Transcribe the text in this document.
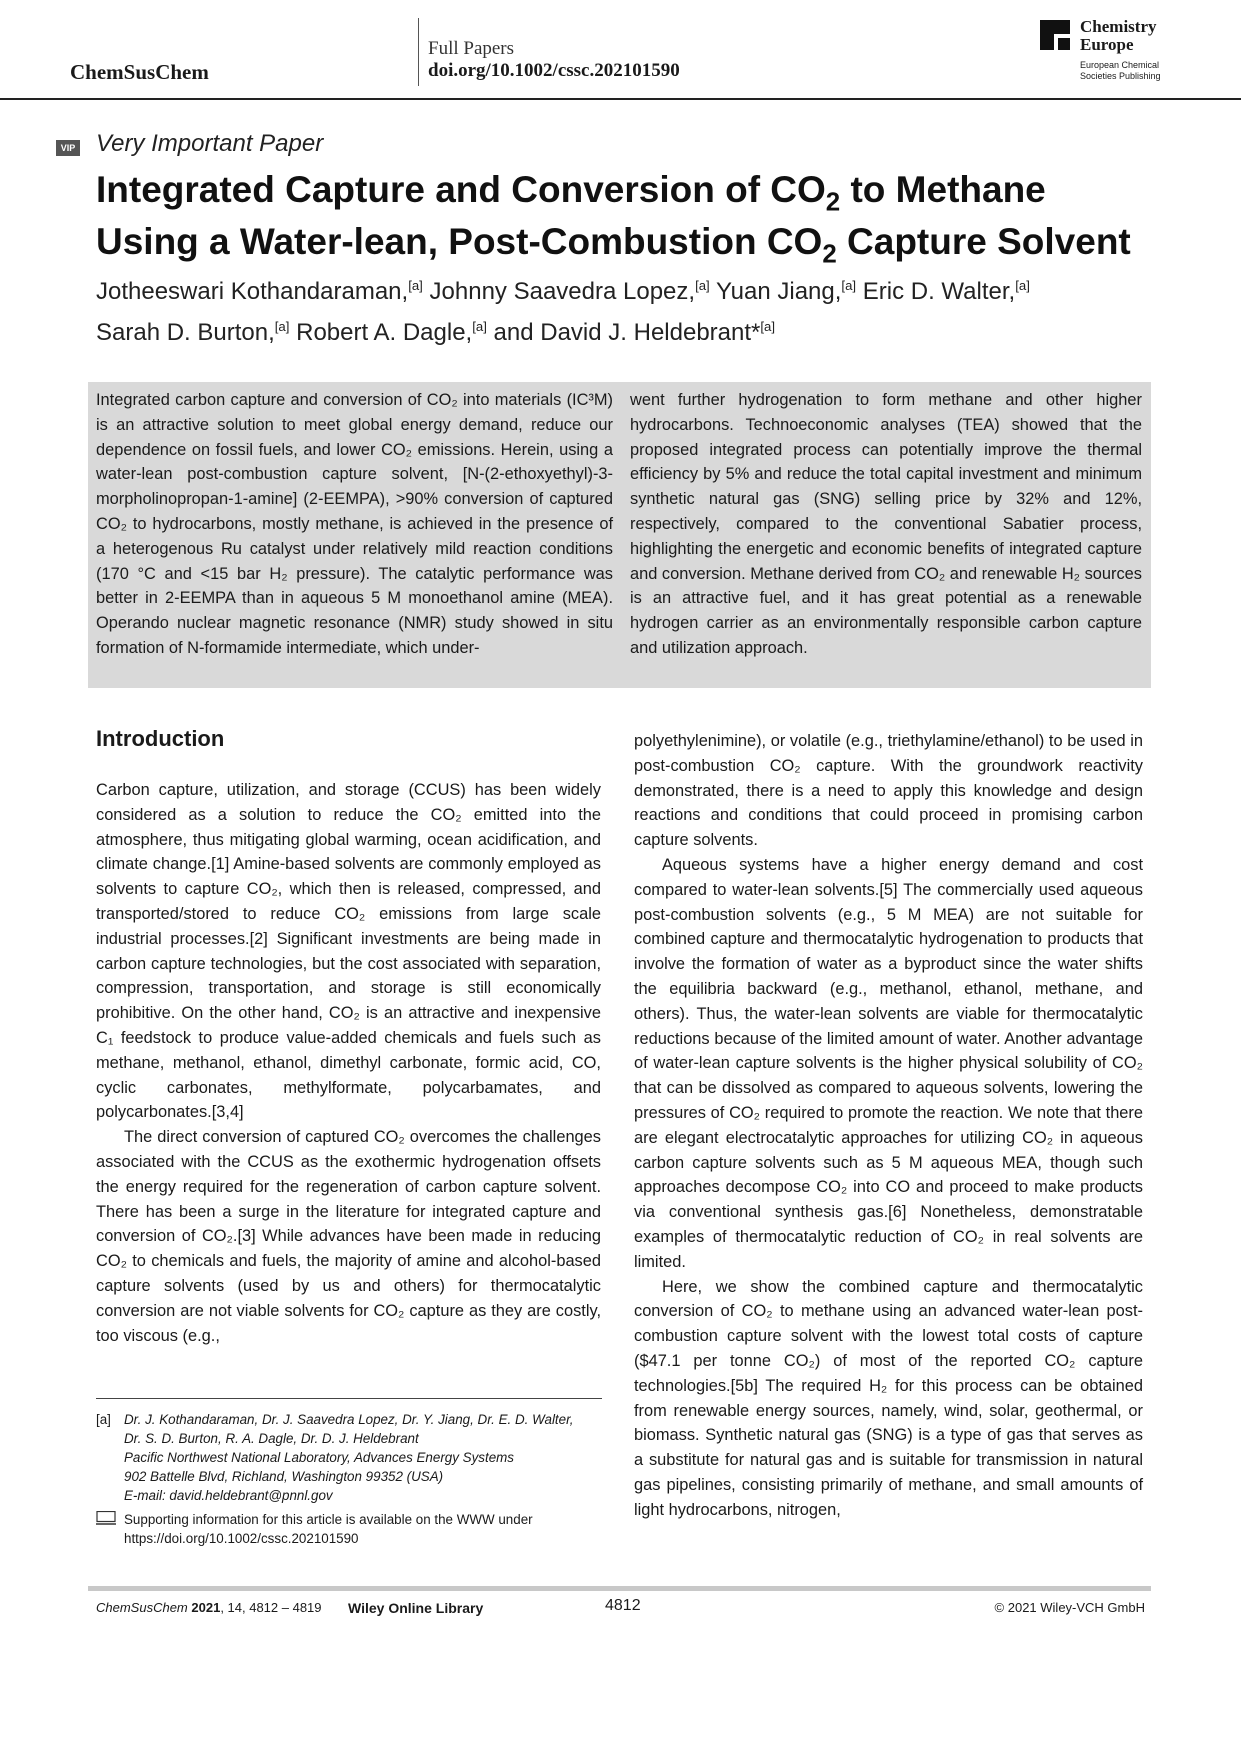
ChemSusChem
Full Papers
doi.org/10.1002/cssc.202101590
Chemistry
Europe
European Chemical
Societies Publishing
VIP Very Important Paper
Integrated Capture and Conversion of $CO_2$ to Methane
Using a Water-lean, Post-Combustion $CO_2$ Capture Solvent
Jotheeswari Kothandaraman,[a] Johnny Saavedra Lopez,[a] Yuan Jiang,[a] Eric D. Walter,[a]
Sarah D. Burton,[a] Robert A. Dagle,[a] and David J. Heldebrant*[a]
Integrated carbon capture and conversion of CO₂ into materials (IC³M) is an attractive solution to meet global energy demand, reduce our dependence on fossil fuels, and lower CO₂ emissions. Herein, using a water-lean post-combustion capture solvent, [N-(2-ethoxyethyl)-3-morpholinopropan-1-amine] (2-EEMPA), >90% conversion of captured CO₂ to hydrocarbons, mostly methane, is achieved in the presence of a heterogenous Ru catalyst under relatively mild reaction conditions (170 °C and <15 bar H₂ pressure). The catalytic performance was better in 2-EEMPA than in aqueous 5 M monoethanol amine (MEA). Operando nuclear magnetic resonance (NMR) study showed in situ formation of N-formamide intermediate, which under-
went further hydrogenation to form methane and other higher hydrocarbons. Technoeconomic analyses (TEA) showed that the proposed integrated process can potentially improve the thermal efficiency by 5% and reduce the total capital investment and minimum synthetic natural gas (SNG) selling price by 32% and 12%, respectively, compared to the conventional Sabatier process, highlighting the energetic and economic benefits of integrated capture and conversion. Methane derived from CO₂ and renewable H₂ sources is an attractive fuel, and it has great potential as a renewable hydrogen carrier as an environmentally responsible carbon capture and utilization approach.
Introduction

Carbon capture, utilization, and storage (CCUS) has been widely considered as a solution to reduce the CO₂ emitted into the atmosphere, thus mitigating global warming, ocean acidification, and climate change.[1] Amine-based solvents are commonly employed as solvents to capture CO₂, which then is released, compressed, and transported/stored to reduce CO₂ emissions from large scale industrial processes.[2] Significant investments are being made in carbon capture technologies, but the cost associated with separation, compression, transportation, and storage is still economically prohibitive. On the other hand, CO₂ is an attractive and inexpensive C₁ feedstock to produce value-added chemicals and fuels such as methane, methanol, ethanol, dimethyl carbonate, formic acid, CO, cyclic carbonates, methylformate, polycarbamates, and polycarbonates.[3,4]

The direct conversion of captured CO₂ overcomes the challenges associated with the CCUS as the exothermic hydrogenation offsets the energy required for the regeneration of carbon capture solvent. There has been a surge in the literature for integrated capture and conversion of CO₂.[3] While advances have been made in reducing CO₂ to chemicals and fuels, the majority of amine and alcohol-based capture solvents (used by us and others) for thermocatalytic conversion are not viable solvents for CO₂ capture as they are costly, too viscous (e.g.,

polyethylenimine), or volatile (e.g., triethylamine/ethanol) to be used in post-combustion CO₂ capture. With the groundwork reactivity demonstrated, there is a need to apply this knowledge and design reactions and conditions that could proceed in promising carbon capture solvents.

Aqueous systems have a higher energy demand and cost compared to water-lean solvents.[5] The commercially used aqueous post-combustion solvents (e.g., 5 M MEA) are not suitable for combined capture and thermocatalytic hydrogenation to products that involve the formation of water as a byproduct since the water shifts the equilibria backward (e.g., methanol, ethanol, methane, and others). Thus, the water-lean solvents are viable for thermocatalytic reductions because of the limited amount of water. Another advantage of water-lean capture solvents is the higher physical solubility of CO₂ that can be dissolved as compared to aqueous solvents, lowering the pressures of CO₂ required to promote the reaction. We note that there are elegant electrocatalytic approaches for utilizing CO₂ in aqueous carbon capture solvents such as 5 M aqueous MEA, though such approaches decompose CO₂ into CO and proceed to make products via conventional synthesis gas.[6] Nonetheless, demonstratable examples of thermocatalytic reduction of CO₂ in real solvents are limited.

Here, we show the combined capture and thermocatalytic conversion of CO₂ to methane using an advanced water-lean post-combustion capture solvent with the lowest total costs of capture ($47.1 per tonne CO₂) of most of the reported CO₂ capture technologies.[5b] The required H₂ for this process can be obtained from renewable energy sources, namely, wind, solar, geothermal, or biomass. Synthetic natural gas (SNG) is a type of gas that serves as a substitute for natural gas and is suitable for transmission in natural gas pipelines, consisting primarily of methane, and small amounts of light hydrocarbons, nitrogen,

[a] Dr. J. Kothandaraman, Dr. J. Saavedra Lopez, Dr. Y. Jiang, Dr. E. D. Walter,
Dr. S. D. Burton, R. A. Dagle, Dr. D. J. Heldebrant
Pacific Northwest National Laboratory, Advances Energy Systems
902 Battelle Blvd, Richland, Washington 99352 (USA)
E-mail: david.heldebrant@pnnl.gov
Supporting information for this article is available on the WWW under
https://doi.org/10.1002/cssc.202101590
ChemSusChem 2021, 14, 4812 – 4819 Wiley Online Library	4812	© 2021 Wiley-VCH GmbH
